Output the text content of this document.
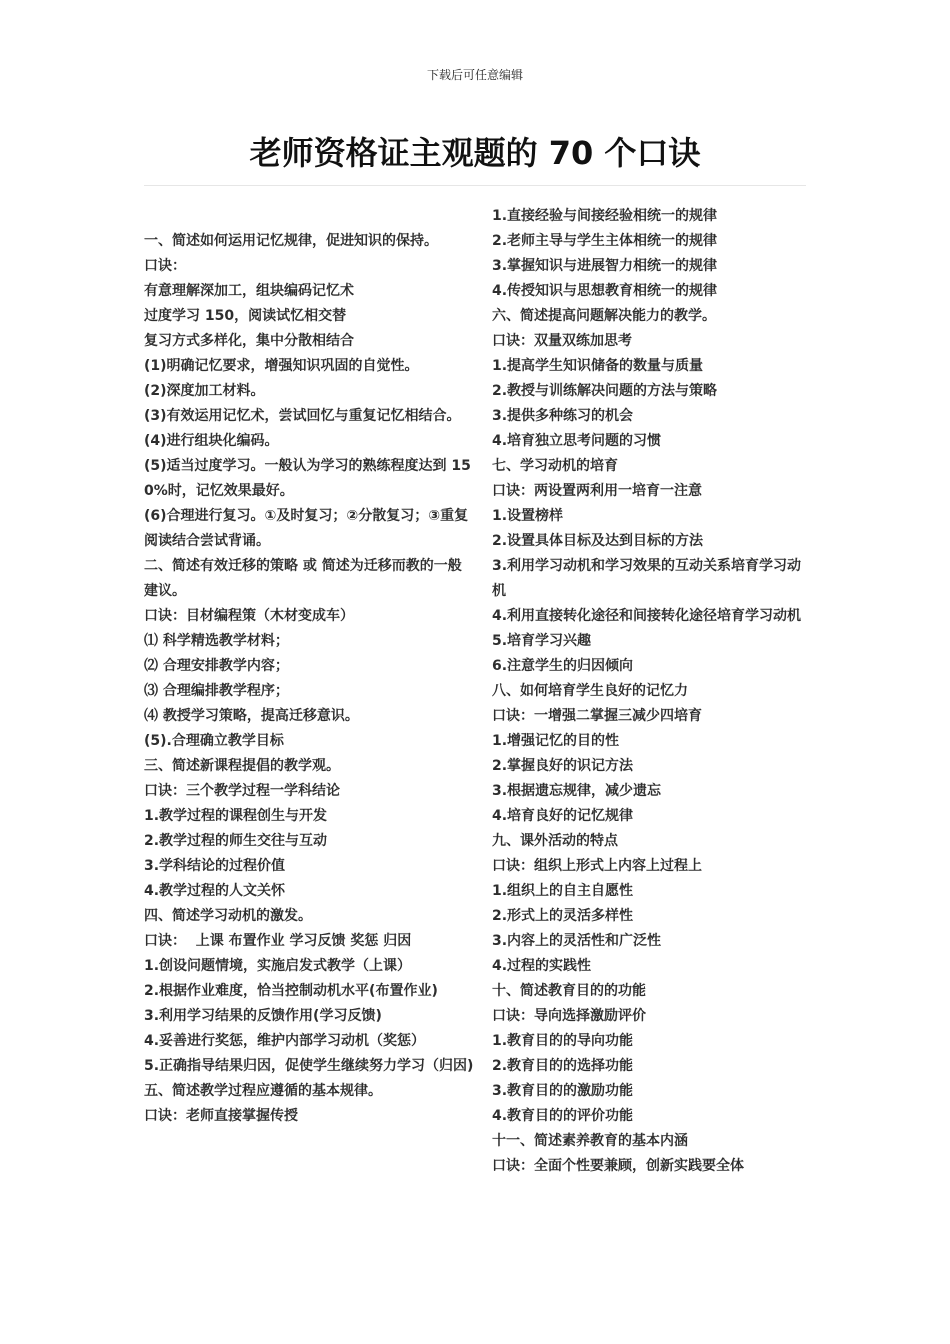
下载后可任意编辑
老师资格证主观题的 70 个口诀
一、简述如何运用记忆规律，促进知识的保持。
口诀：
有意理解深加工，组块编码记忆术
过度学习 150，阅读试忆相交替
复习方式多样化，集中分散相结合
(1)明确记忆要求，增强知识巩固的自觉性。
(2)深度加工材料。
(3)有效运用记忆术，尝试回忆与重复记忆相结合。
(4)进行组块化编码。
(5)适当过度学习。一般认为学习的熟练程度达到 150%时，记忆效果最好。
(6)合理进行复习。①及时复习；②分散复习；③重复阅读结合尝试背诵。
二、简述有效迁移的策略 或 简述为迁移而教的一般建议。
口诀：目材编程策（木材变成车）
⑴ 科学精选教学材料；
⑵ 合理安排教学内容；
⑶ 合理编排教学程序；
⑷ 教授学习策略，提高迁移意识。
(5).合理确立教学目标
三、简述新课程提倡的教学观。
口诀：三个教学过程一学科结论
1.教学过程的课程创生与开发
2.教学过程的师生交往与互动
3.学科结论的过程价值
4.教学过程的人文关怀
四、简述学习动机的激发。
口诀：  上课 布置作业 学习反馈 奖惩 归因
1.创设问题情境，实施启发式教学（上课）
2.根据作业难度，恰当控制动机水平(布置作业)
3.利用学习结果的反馈作用(学习反馈)
4.妥善进行奖惩，维护内部学习动机（奖惩）
5.正确指导结果归因，促使学生继续努力学习（归因)
五、简述教学过程应遵循的基本规律。
口诀：老师直接掌握传授
1.直接经验与间接经验相统一的规律
2.老师主导与学生主体相统一的规律
3.掌握知识与进展智力相统一的规律
4.传授知识与思想教育相统一的规律
六、简述提高问题解决能力的教学。
口诀：双量双练加思考
1.提高学生知识储备的数量与质量
2.教授与训练解决问题的方法与策略
3.提供多种练习的机会
4.培育独立思考问题的习惯
七、学习动机的培育
口诀：两设置两利用一培育一注意
1.设置榜样
2.设置具体目标及达到目标的方法
3.利用学习动机和学习效果的互动关系培育学习动机
4.利用直接转化途径和间接转化途径培育学习动机
5.培育学习兴趣
6.注意学生的归因倾向
八、如何培育学生良好的记忆力
口诀：一增强二掌握三减少四培育
1.增强记忆的目的性
2.掌握良好的识记方法
3.根据遗忘规律，减少遗忘
4.培育良好的记忆规律
九、课外活动的特点
口诀：组织上形式上内容上过程上
1.组织上的自主自愿性
2.形式上的灵活多样性
3.内容上的灵活性和广泛性
4.过程的实践性
十、简述教育目的的功能
口诀：导向选择激励评价
1.教育目的的导向功能
2.教育目的的选择功能
3.教育目的的激励功能
4.教育目的的评价功能
十一、简述素养教育的基本内涵
口诀：全面个性要兼顾，创新实践要全体
